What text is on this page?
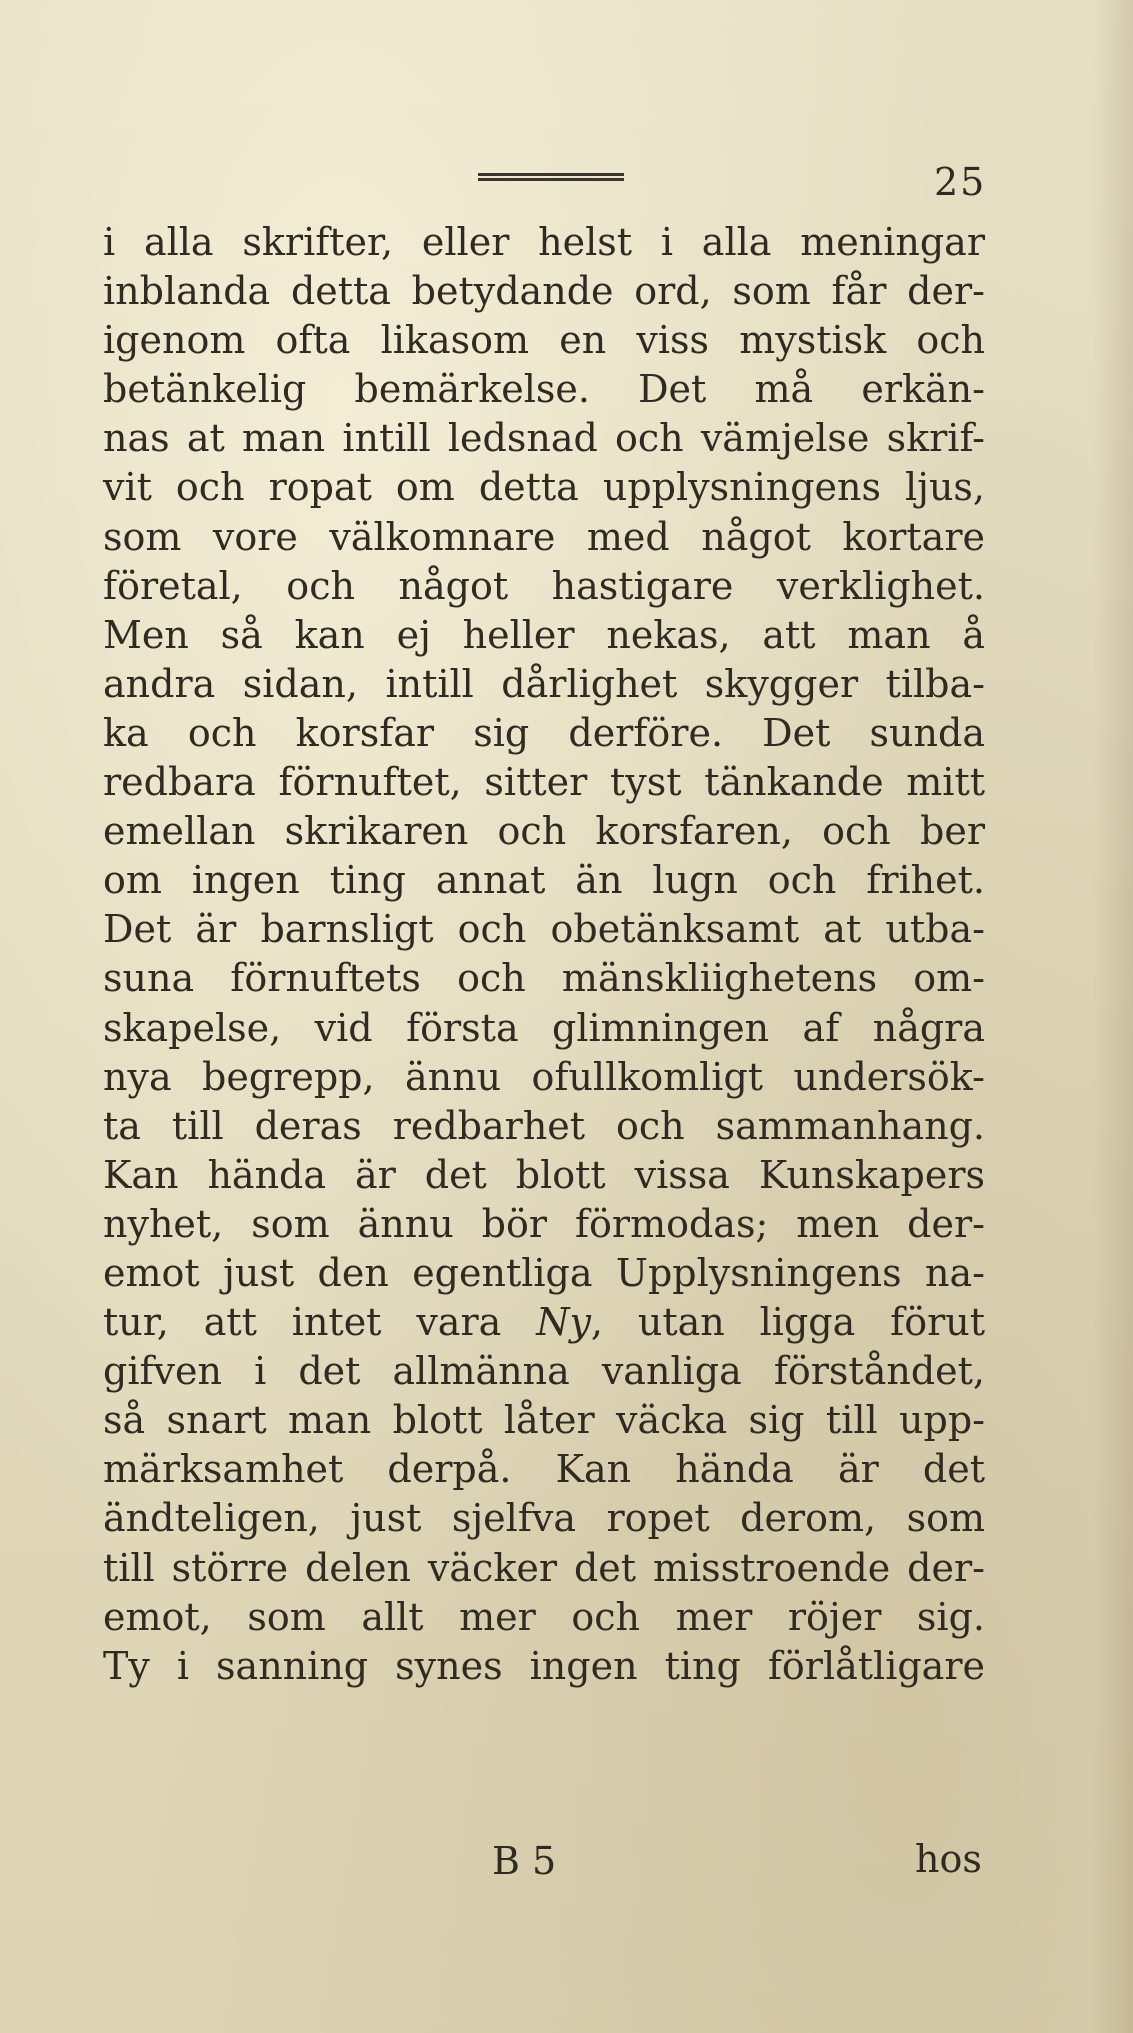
25
i alla skrifter, eller helst i alla meningar
inblanda detta betydande ord, som får der-
igenom ofta likasom en viss mystisk och
betänkelig bemärkelse. Det må erkän-
nas at man intill ledsnad och vämjelse skrif-
vit och ropat om detta upplysningens ljus,
som vore välkomnare med något kortare
företal, och något hastigare verklighet.
Men så kan ej heller nekas, att man å
andra sidan, intill dårlighet skygger tilba-
ka och korsfar sig derföre. Det sunda
redbara förnuftet, sitter tyst tänkande mitt
emellan skrikaren och korsfaren, och ber
om ingen ting annat än lugn och frihet.
Det är barnsligt och obetänksamt at utba-
suna förnuftets och mänskliighetens om-
skapelse, vid första glimningen af några
nya begrepp, ännu ofullkomligt undersök-
ta till deras redbarhet och sammanhang.
Kan hända är det blott vissa Kunskapers
nyhet, som ännu bör förmodas; men der-
emot just den egentliga Upplysningens na-
tur, att intet vara Ny, utan ligga förut
gifven i det allmänna vanliga förståndet,
så snart man blott låter väcka sig till upp-
märksamhet derpå. Kan hända är det
ändteligen, just sjelfva ropet derom, som
till större delen väcker det misstroende der-
emot, som allt mer och mer röjer sig.
Ty i sanning synes ingen ting förlåtligare
B 5	hos
